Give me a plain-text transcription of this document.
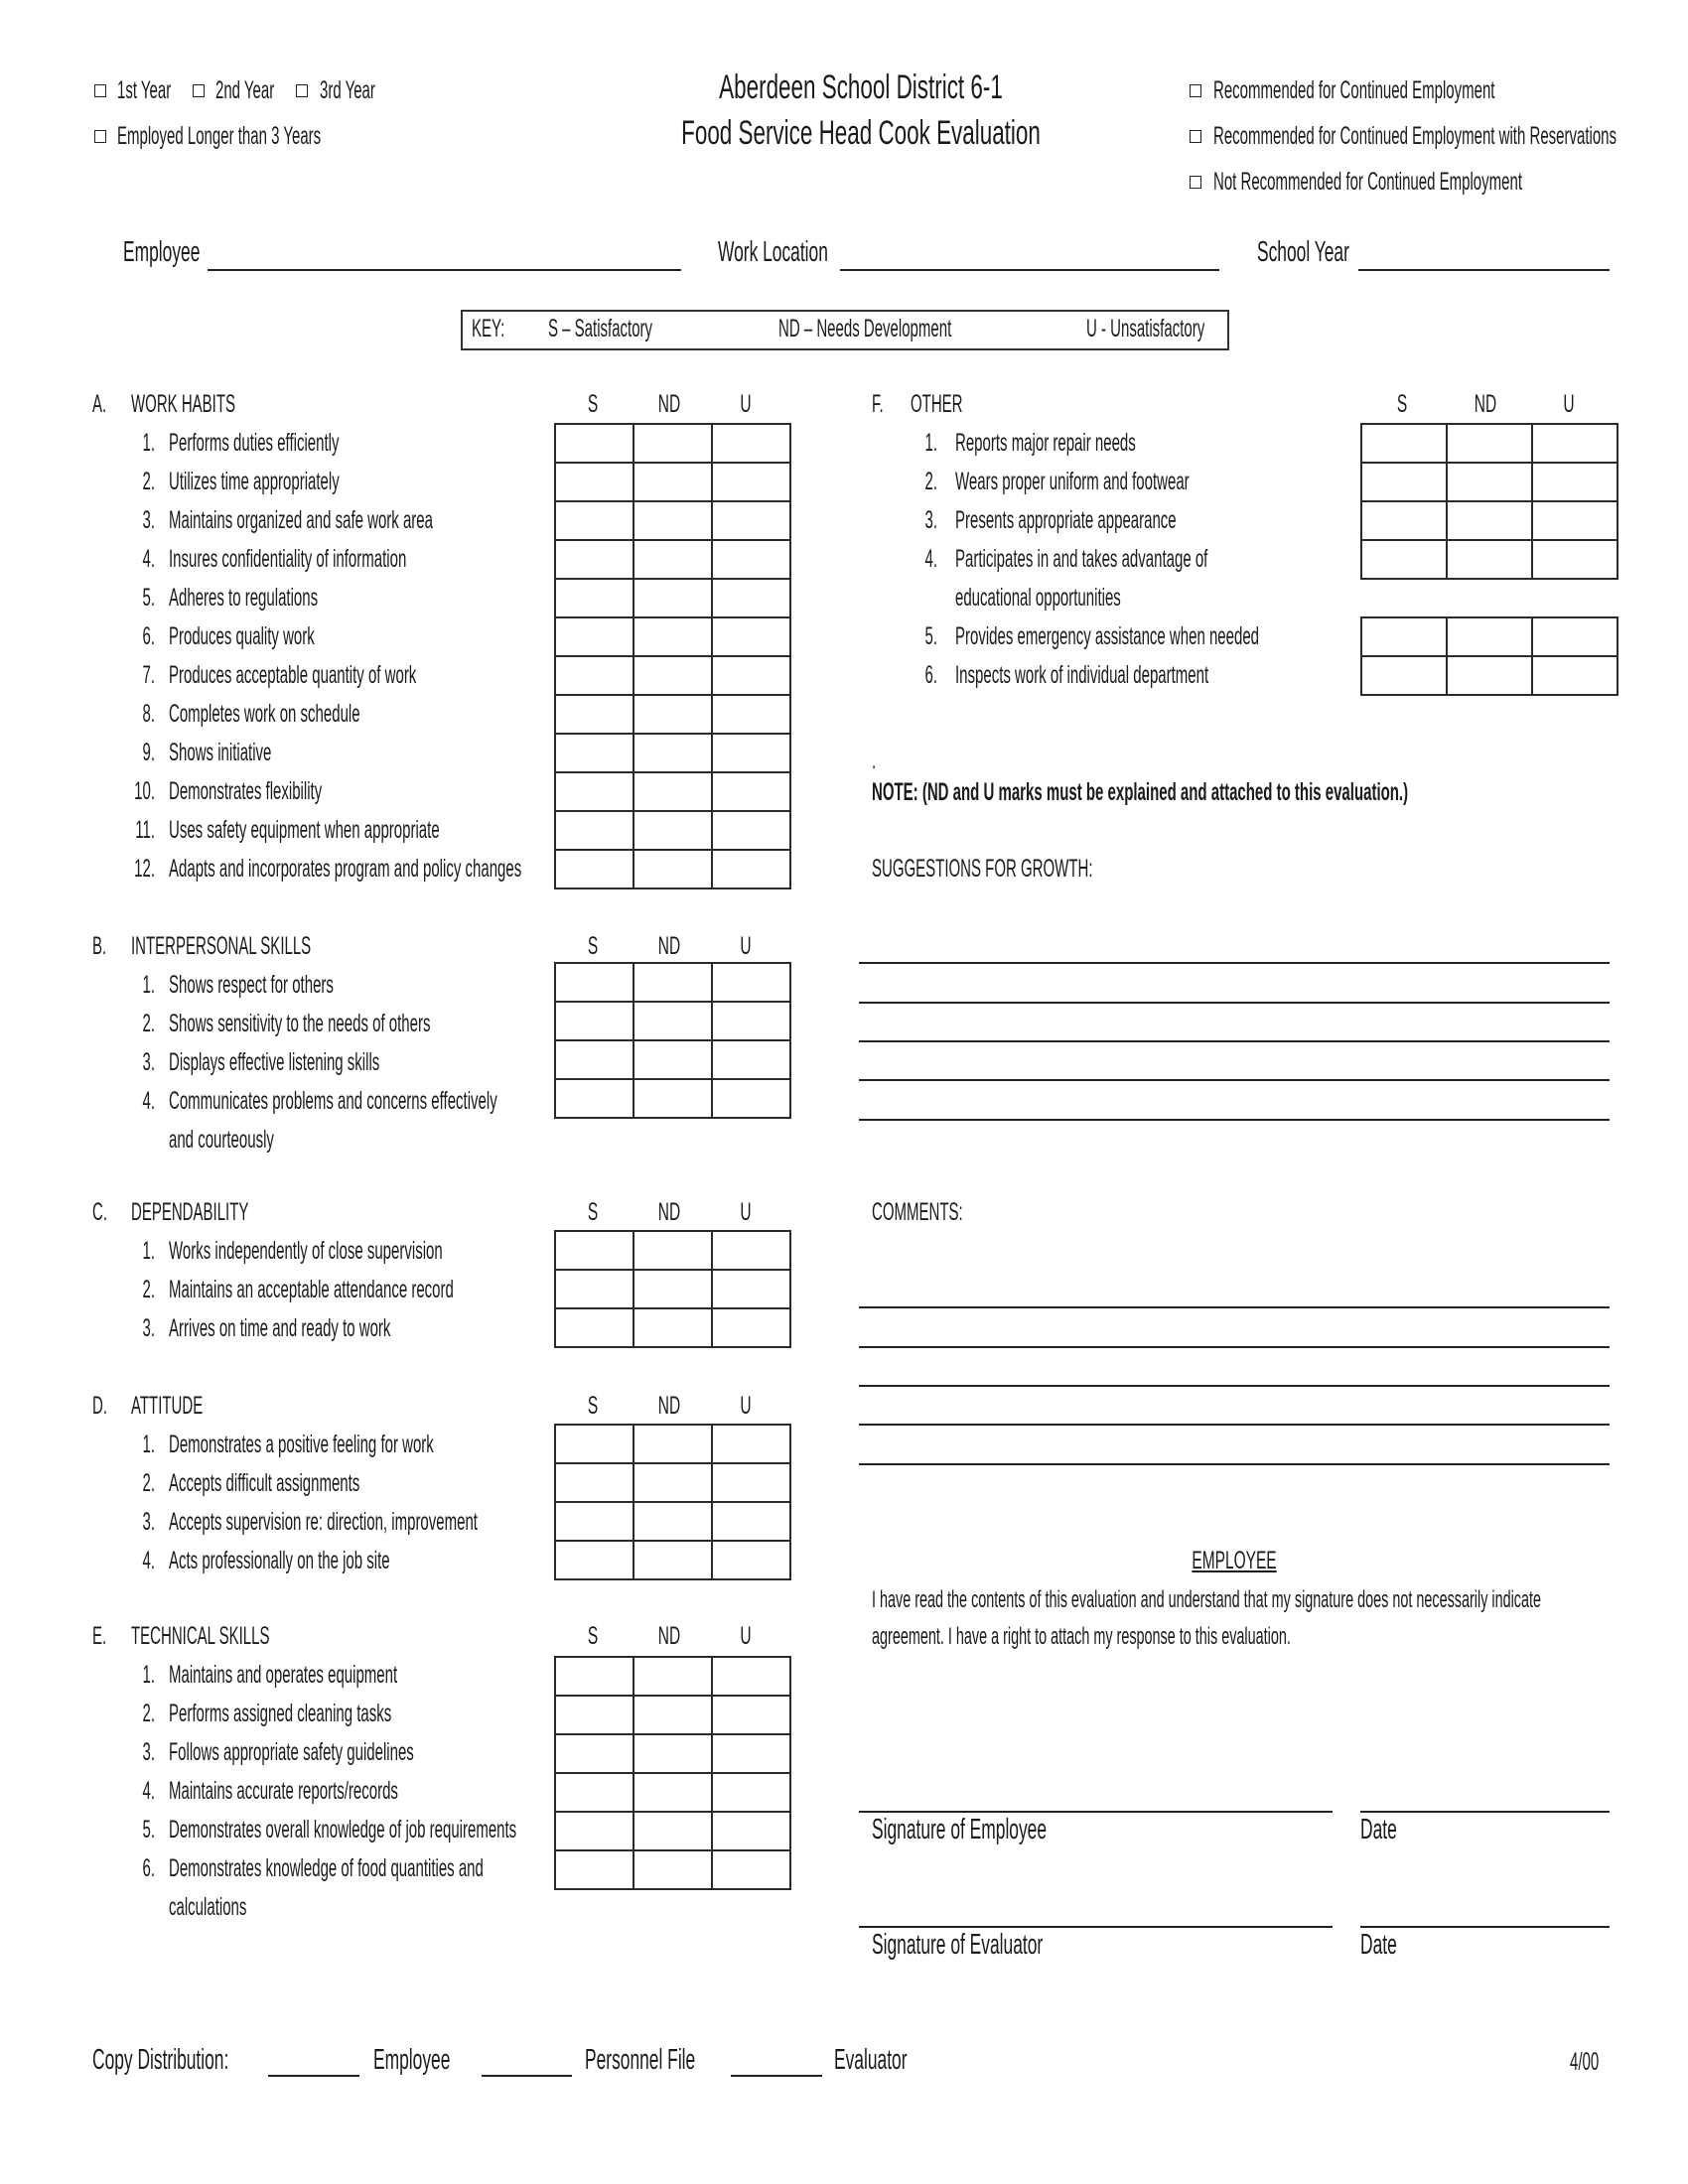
1st Year 2nd Year 3rd Year
Employed Longer than 3 Years
Aberdeen School District 6-1
Food Service Head Cook Evaluation
Recommended for Continued Employment
Recommended for Continued Employment with Reservations
Not Recommended for Continued Employment
Employee	Work Location	School Year
KEY: S – Satisfactory	ND – Needs Development	U - Unsatisfactory
A. WORK HABITS	S ND U
1. Performs duties efficiently
2. Utilizes time appropriately
3. Maintains organized and safe work area
4. Insures confidentiality of information
5. Adheres to regulations
6. Produces quality work
7. Produces acceptable quantity of work
8. Completes work on schedule
9. Shows initiative
10. Demonstrates flexibility
11. Uses safety equipment when appropriate
12. Adapts and incorporates program and policy changes

B. INTERPERSONAL SKILLS	S ND U
1. Shows respect for others
2. Shows sensitivity to the needs of others
3. Displays effective listening skills
4. Communicates problems and concerns effectively
and courteously

C. DEPENDABILITY	S ND U
1. Works independently of close supervision
2. Maintains an acceptable attendance record
3. Arrives on time and ready to work

D. ATTITUDE	S ND U
1. Demonstrates a positive feeling for work
2. Accepts difficult assignments
3. Accepts supervision re: direction, improvement
4. Acts professionally on the job site

E. TECHNICAL SKILLS	S ND U
1. Maintains and operates equipment
2. Performs assigned cleaning tasks
3. Follows appropriate safety guidelines
4. Maintains accurate reports/records
5. Demonstrates overall knowledge of job requirements
6. Demonstrates knowledge of food quantities and
calculations

F. OTHER	S	ND	U
1. Reports major repair needs
2. Wears proper uniform and footwear
3. Presents appropriate appearance
4. Participates in and takes advantage of
educational opportunities
5. Provides emergency assistance when needed
6. Inspects work of individual department

.
NOTE: (ND and U marks must be explained and attached to this evaluation.)
SUGGESTIONS FOR GROWTH:
COMMENTS:
EMPLOYEE
I have read the contents of this evaluation and understand that my signature does not necessarily indicate
agreement. I have a right to attach my response to this evaluation.
Signature of Employee	Date
Signature of Evaluator	Date
Copy Distribution:	Employee	Personnel File	Evaluator	4/00
